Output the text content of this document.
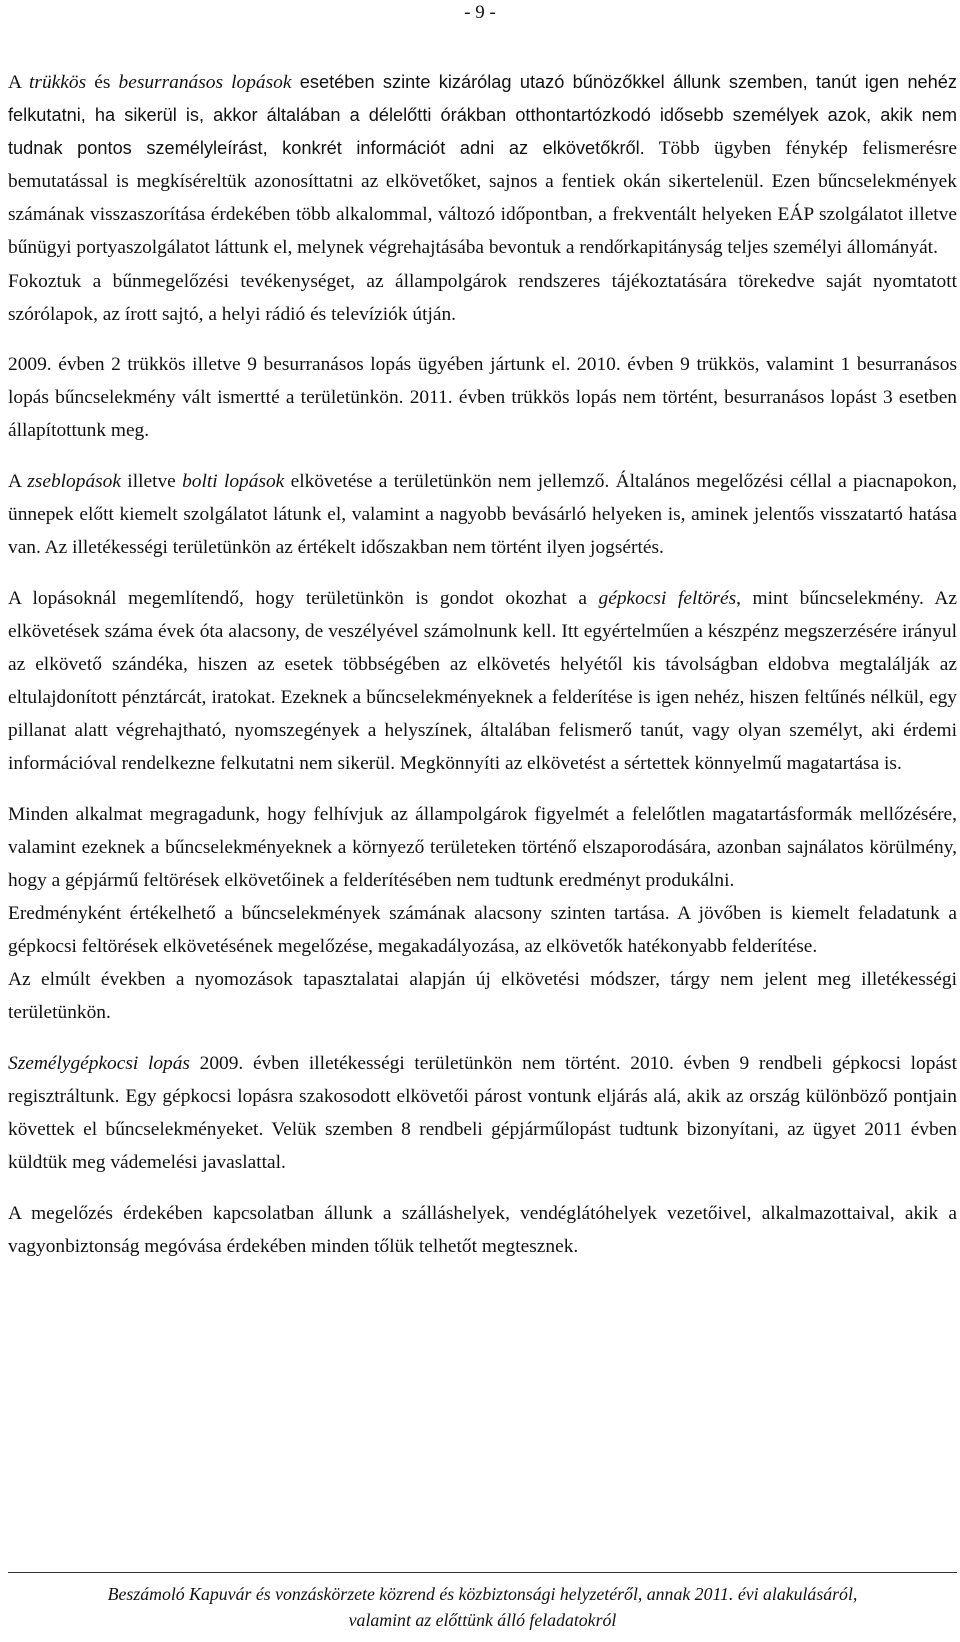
- 9 -

A trükkös és besurranásos lopások esetében szinte kizárólag utazó bűnözőkkel állunk szemben, tanút igen nehéz felkutatni, ha sikerül is, akkor általában a délelőtti órákban otthontartózkodó idősebb személyek azok, akik nem tudnak pontos személyleírást, konkrét információt adni az elkövetőkről. Több ügyben fénykép felismerésre bemutatással is megkíséreltük azonosíttatni az elkövetőket, sajnos a fentiek okán sikertelenül. Ezen bűncselekmények számának visszaszorítása érdekében több alkalommal, változó időpontban, a frekventált helyeken EÁP szolgálatot illetve bűnügyi portyaszolgálatot láttunk el, melynek végrehajtásába bevontuk a rendőrkapitányság teljes személyi állományát.

Fokoztuk a bűnmegelőzési tevékenységet, az állampolgárok rendszeres tájékoztatására törekedve saját nyomtatott szórólapok, az írott sajtó, a helyi rádió és televíziók útján.

2009. évben 2 trükkös illetve 9 besurranásos lopás ügyében jártunk el. 2010. évben 9 trükkös, valamint 1 besurranásos lopás bűncselekmény vált ismertté a területünkön. 2011. évben trükkös lopás nem történt, besurranásos lopást 3 esetben állapítottunk meg.

A zseblopások illetve bolti lopások elkövetése a területünkön nem jellemző. Általános megelőzési céllal a piacnapokon, ünnepek előtt kiemelt szolgálatot látunk el, valamint a nagyobb bevásárló helyeken is, aminek jelentős visszatartó hatása van. Az illetékességi területünkön az értékelt időszakban nem történt ilyen jogsértés.

A lopásoknál megemlítendő, hogy területünkön is gondot okozhat a gépkocsi feltörés, mint bűncselekmény. Az elkövetések száma évek óta alacsony, de veszélyével számolnunk kell. Itt egyértelműen a készpénz megszerzésére irányul az elkövető szándéka, hiszen az esetek többségében az elkövetés helyétől kis távolságban eldobva megtalálják az eltulajdonított pénztárcát, iratokat. Ezeknek a bűncselekményeknek a felderítése is igen nehéz, hiszen feltűnés nélkül, egy pillanat alatt végrehajtható, nyomszegények a helyszínek, általában felismerő tanút, vagy olyan személyt, aki érdemi információval rendelkezne felkutatni nem sikerül. Megkönnyíti az elkövetést a sértettek könnyelmű magatartása is.

Minden alkalmat megragadunk, hogy felhívjuk az állampolgárok figyelmét a felelőtlen magatartásformák mellőzésére, valamint ezeknek a bűncselekményeknek a környező területeken történő elszaporodására, azonban sajnálatos körülmény, hogy a gépjármű feltörések elkövetőinek a felderítésében nem tudtunk eredményt produkálni.

Eredményként értékelhető a bűncselekmények számának alacsony szinten tartása. A jövőben is kiemelt feladatunk a gépkocsi feltörések elkövetésének megelőzése, megakadályozása, az elkövetők hatékonyabb felderítése.

Az elmúlt években a nyomozások tapasztalatai alapján új elkövetési módszer, tárgy nem jelent meg illetékességi területünkön.

Személygépkocsi lopás 2009. évben illetékességi területünkön nem történt. 2010. évben 9 rendbeli gépkocsi lopást regisztráltunk. Egy gépkocsi lopásra szakosodott elkövetői párost vontunk eljárás alá, akik az ország különböző pontjain követtek el bűncselekményeket. Velük szemben 8 rendbeli gépjárműlopást tudtunk bizonyítani, az ügyet 2011 évben küldtük meg vádemelési javaslattal.

A megelőzés érdekében kapcsolatban állunk a szálláshelyek, vendéglátóhelyek vezetőivel, alkalmazottaival, akik a vagyonbiztonság megóvása érdekében minden tőlük telhetőt megtesznek.

Beszámoló Kapuvár és vonzáskörzete közrend és közbiztonsági helyzetéről, annak 2011. évi alakulásáról,
valamint az előttünk álló feladatokról
